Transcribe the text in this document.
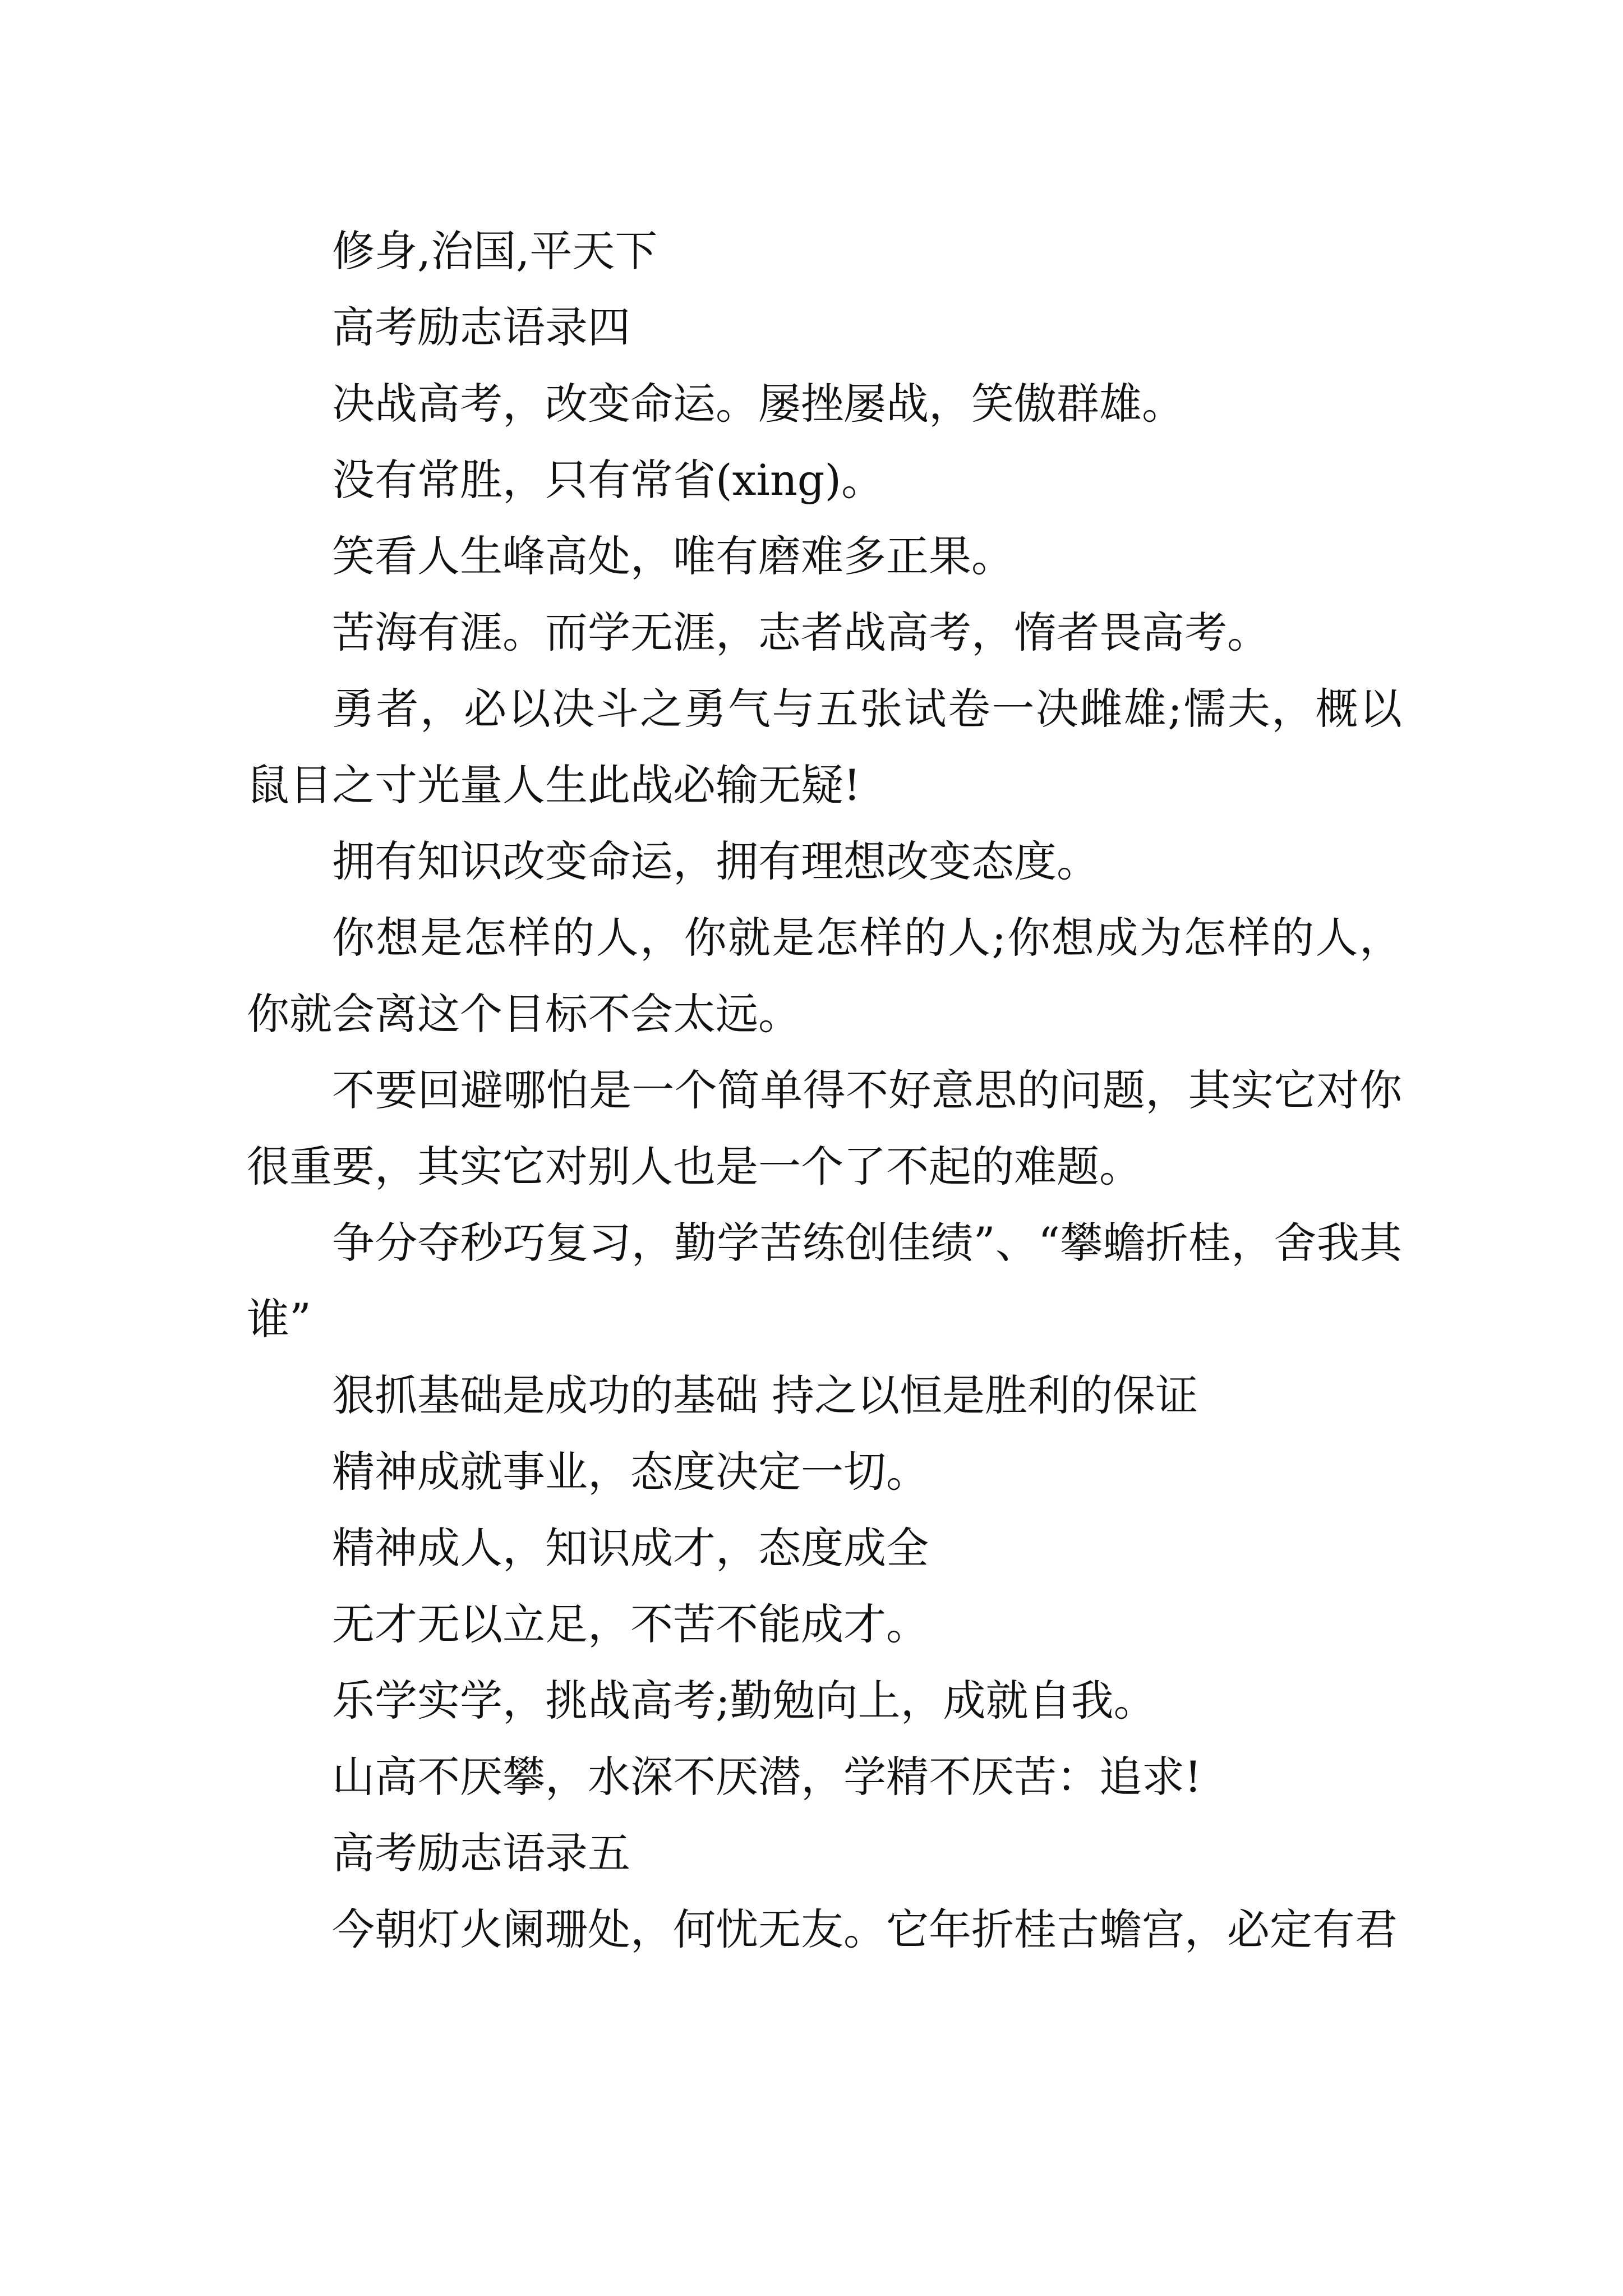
修身,治国,平天下

高考励志语录四

决战高考，改变命运。屡挫屡战，笑傲群雄。

没有常胜，只有常省(xing)。

笑看人生峰高处，唯有磨难多正果。

苦海有涯。而学无涯，志者战高考，惰者畏高考。

勇者，必以决斗之勇气与五张试卷一决雌雄;懦夫，概以鼠目之寸光量人生此战必输无疑!

拥有知识改变命运，拥有理想改变态度。

你想是怎样的人，你就是怎样的人;你想成为怎样的人，你就会离这个目标不会太远。

不要回避哪怕是一个简单得不好意思的问题，其实它对你很重要，其实它对别人也是一个了不起的难题。

争分夺秒巧复习，勤学苦练创佳绩”、“攀蟾折桂，舍我其谁”

狠抓基础是成功的基础 持之以恒是胜利的保证

精神成就事业，态度决定一切。

精神成人，知识成才，态度成全

无才无以立足，不苦不能成才。

乐学实学，挑战高考;勤勉向上，成就自我。

山高不厌攀，水深不厌潜，学精不厌苦：追求!

高考励志语录五

今朝灯火阑珊处，何忧无友。它年折桂古蟾宫，必定有君
